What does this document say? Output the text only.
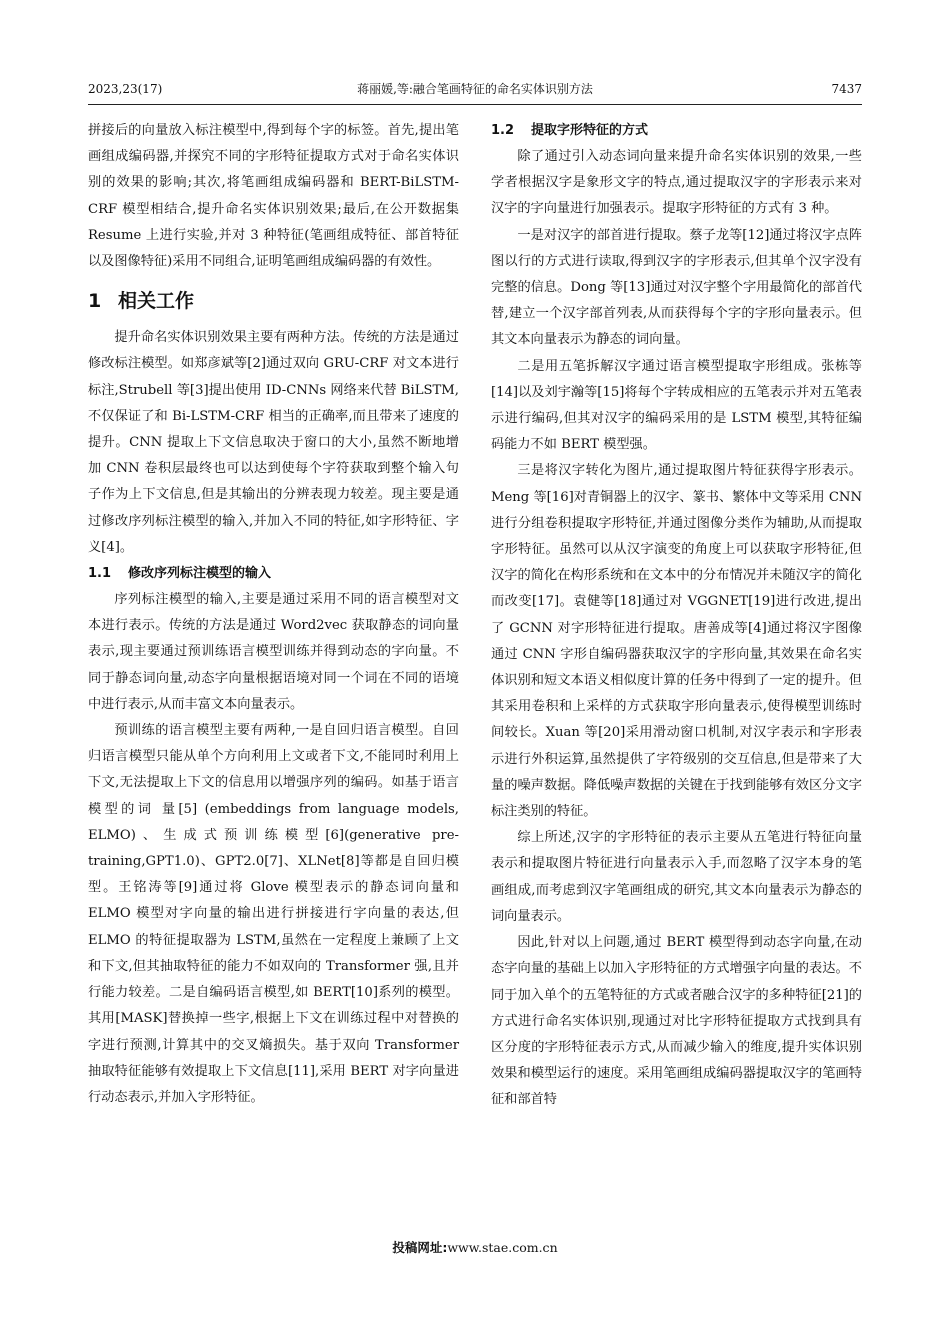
2023,23(17)	蒋丽媛,等:融合笔画特征的命名实体识别方法	7437

拼接后的向量放入标注模型中,得到每个字的标签。首先,提出笔画组成编码器,并探究不同的字形特征提取方式对于命名实体识别的效果的影响;其次,将笔画组成编码器和 BERT-BiLSTM-CRF 模型相结合,提升命名实体识别效果;最后,在公开数据集 Resume 上进行实验,并对 3 种特征(笔画组成特征、部首特征以及图像特征)采用不同组合,证明笔画组成编码器的有效性。

1 相关工作

提升命名实体识别效果主要有两种方法。传统的方法是通过修改标注模型。如郑彦斌等[2]通过双向 GRU-CRF 对文本进行标注,Strubell 等[3]提出使用 ID-CNNs 网络来代替 BiLSTM,不仅保证了和 Bi-LSTM-CRF 相当的正确率,而且带来了速度的提升。CNN 提取上下文信息取决于窗口的大小,虽然不断地增加 CNN 卷积层最终也可以达到使每个字符获取到整个输入句子作为上下文信息,但是其输出的分辨表现力较差。现主要是通过修改序列标注模型的输入,并加入不同的特征,如字形特征、字义[4]。

1.1 修改序列标注模型的输入

序列标注模型的输入,主要是通过采用不同的语言模型对文本进行表示。传统的方法是通过 Word2vec 获取静态的词向量表示,现主要通过预训练语言模型训练并得到动态的字向量。不同于静态词向量,动态字向量根据语境对同一个词在不同的语境中进行表示,从而丰富文本向量表示。

预训练的语言模型主要有两种,一是自回归语言模型。自回归语言模型只能从单个方向利用上文或者下文,不能同时利用上下文,无法提取上下文的信息用以增强序列的编码。如基于语言模型的词 量[5] (embeddings from language models, ELMO)、生成式预训练模型[6](generative pre-training,GPT1.0)、GPT2.0[7]、XLNet[8]等都是自回归模型。王铭涛等[9]通过将 Glove 模型表示的静态词向量和 ELMO 模型对字向量的输出进行拼接进行字向量的表达,但 ELMO 的特征提取器为 LSTM,虽然在一定程度上兼顾了上文和下文,但其抽取特征的能力不如双向的 Transformer 强,且并行能力较差。二是自编码语言模型,如 BERT[10]系列的模型。其用[MASK]替换掉一些字,根据上下文在训练过程中对替换的字进行预测,计算其中的交叉熵损失。基于双向 Transformer 抽取特征能够有效提取上下文信息[11],采用 BERT 对字向量进行动态表示,并加入字形特征。

1.2 提取字形特征的方式

除了通过引入动态词向量来提升命名实体识别的效果,一些学者根据汉字是象形文字的特点,通过提取汉字的字形表示来对汉字的字向量进行加强表示。提取字形特征的方式有 3 种。

一是对汉字的部首进行提取。蔡子龙等[12]通过将汉字点阵图以行的方式进行读取,得到汉字的字形表示,但其单个汉字没有完整的信息。Dong 等[13]通过对汉字整个字用最简化的部首代替,建立一个汉字部首列表,从而获得每个字的字形向量表示。但其文本向量表示为静态的词向量。

二是用五笔拆解汉字通过语言模型提取字形组成。张栋等[14]以及刘宇瀚等[15]将每个字转成相应的五笔表示并对五笔表示进行编码,但其对汉字的编码采用的是 LSTM 模型,其特征编码能力不如 BERT 模型强。

三是将汉字转化为图片,通过提取图片特征获得字形表示。Meng 等[16]对青铜器上的汉字、篆书、繁体中文等采用 CNN 进行分组卷积提取字形特征,并通过图像分类作为辅助,从而提取字形特征。虽然可以从汉字演变的角度上可以获取字形特征,但汉字的简化在构形系统和在文本中的分布情况并未随汉字的简化而改变[17]。袁健等[18]通过对 VGGNET[19]进行改进,提出了 GCNN 对字形特征进行提取。唐善成等[4]通过将汉字图像通过 CNN 字形自编码器获取汉字的字形向量,其效果在命名实体识别和短文本语义相似度计算的任务中得到了一定的提升。但其采用卷积和上采样的方式获取字形向量表示,使得模型训练时间较长。Xuan 等[20]采用滑动窗口机制,对汉字表示和字形表示进行外积运算,虽然提供了字符级别的交互信息,但是带来了大量的噪声数据。降低噪声数据的关键在于找到能够有效区分文字标注类别的特征。

综上所述,汉字的字形特征的表示主要从五笔进行特征向量表示和提取图片特征进行向量表示入手,而忽略了汉字本身的笔画组成,而考虑到汉字笔画组成的研究,其文本向量表示为静态的词向量表示。

因此,针对以上问题,通过 BERT 模型得到动态字向量,在动态字向量的基础上以加入字形特征的方式增强字向量的表达。不同于加入单个的五笔特征的方式或者融合汉字的多种特征[21]的方式进行命名实体识别,现通过对比字形特征提取方式找到具有区分度的字形特征表示方式,从而减少输入的维度,提升实体识别效果和模型运行的速度。采用笔画组成编码器提取汉字的笔画特征和部首特

投稿网址:www.stae.com.cn
